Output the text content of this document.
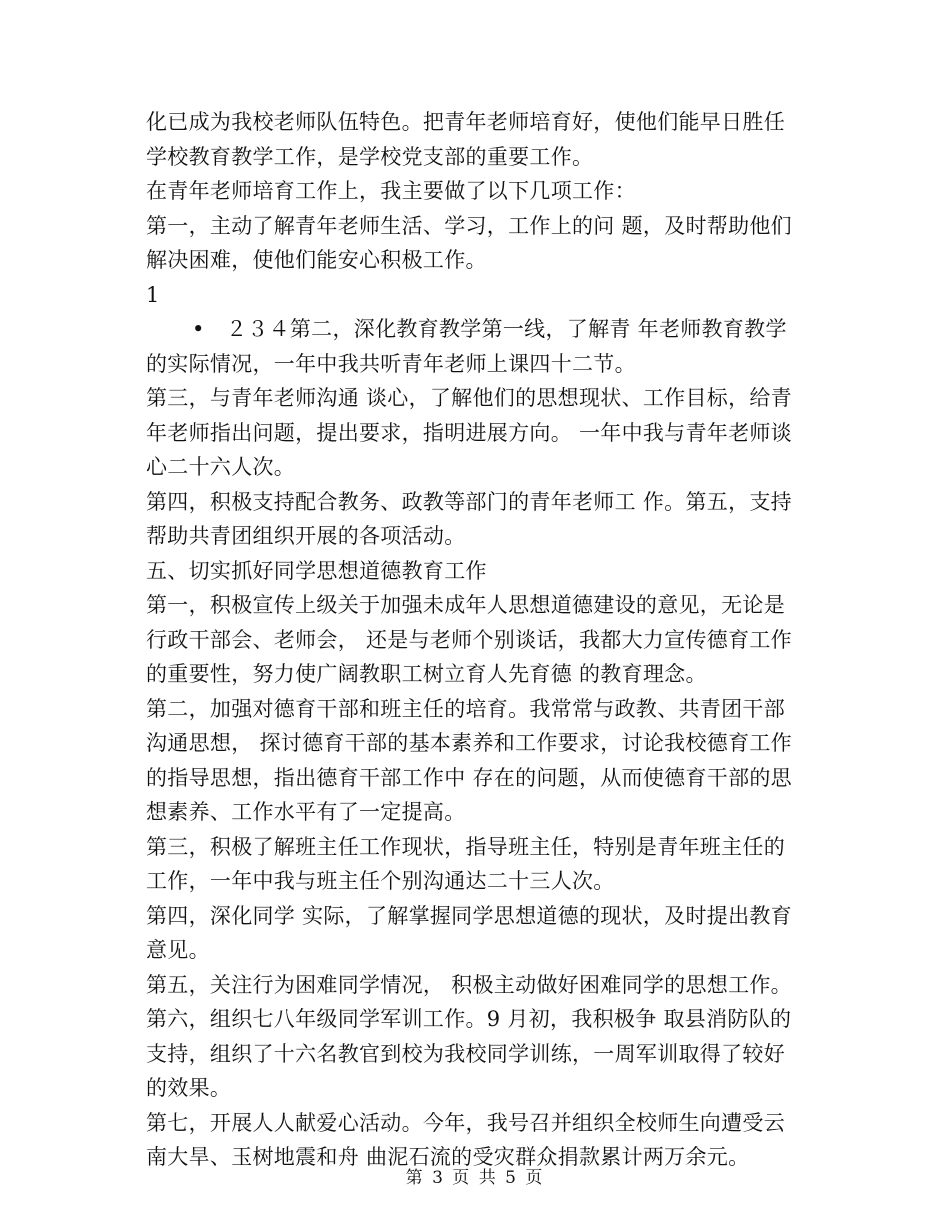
化已成为我校老师队伍特色。把青年老师培育好，使他们能早日胜任
学校教育教学工作，是学校党支部的重要工作。
在青年老师培育工作上，我主要做了以下几项工作：
第一，主动了解青年老师生活、学习，工作上的问 题，及时帮助他们
解决困难，使他们能安心积极工作。
1
•　２３４第二，深化教育教学第一线，了解青 年老师教育教学
的实际情况，一年中我共听青年老师上课四十二节。
第三，与青年老师沟通 谈心，了解他们的思想现状、工作目标，给青
年老师指出问题，提出要求，指明进展方向。 一年中我与青年老师谈
心二十六人次。
第四，积极支持配合教务、政教等部门的青年老师工 作。第五，支持
帮助共青团组织开展的各项活动。
五、切实抓好同学思想道德教育工作
第一，积极宣传上级关于加强未成年人思想道德建设的意见，无论是
行政干部会、老师会， 还是与老师个别谈话，我都大力宣传德育工作
的重要性，努力使广阔教职工树立育人先育德 的教育理念。
第二，加强对德育干部和班主任的培育。我常常与政教、共青团干部
沟通思想， 探讨德育干部的基本素养和工作要求，讨论我校德育工作
的指导思想，指出德育干部工作中 存在的问题，从而使德育干部的思
想素养、工作水平有了一定提高。
第三，积极了解班主任工作现状，指导班主任，特别是青年班主任的
工作，一年中我与班主任个别沟通达二十三人次。
第四，深化同学 实际，了解掌握同学思想道德的现状，及时提出教育
意见。
第五，关注行为困难同学情况， 积极主动做好困难同学的思想工作。
第六，组织七八年级同学军训工作。9 月初，我积极争 取县消防队的
支持，组织了十六名教官到校为我校同学训练，一周军训取得了较好
的效果。
第七，开展人人献爱心活动。今年，我号召并组织全校师生向遭受云
南大旱、玉树地震和舟 曲泥石流的受灾群众捐款累计两万余元。
第 3 页 共 5 页
